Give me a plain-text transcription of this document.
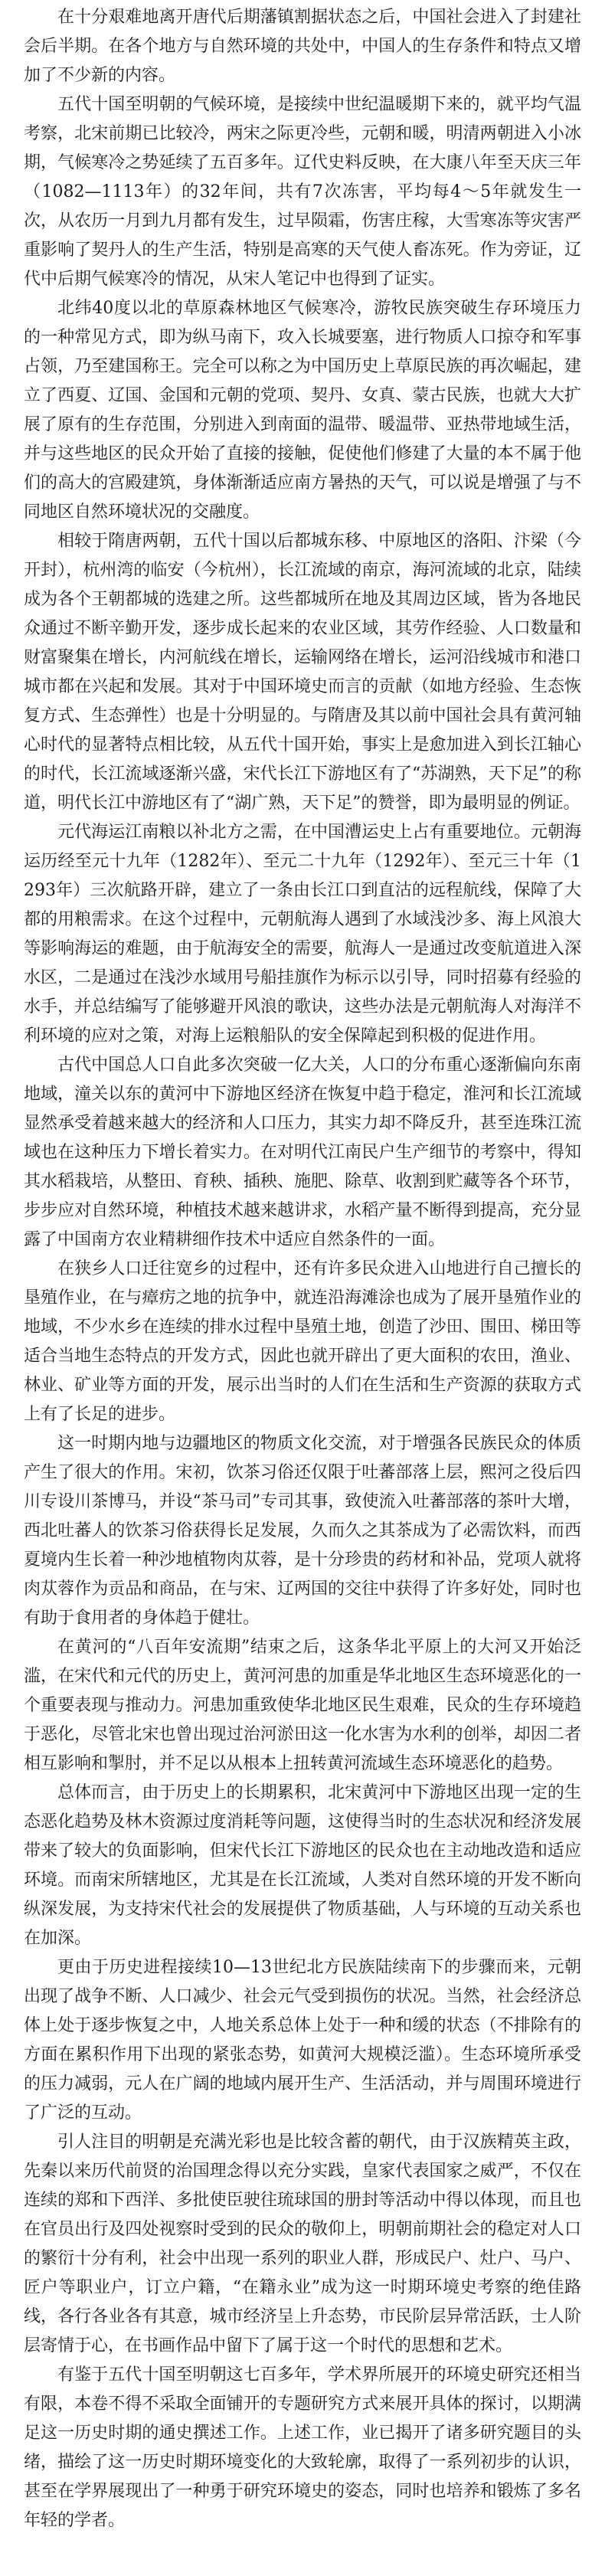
在十分艰难地离开唐代后期藩镇割据状态之后，中国社会进入了封建社会后半期。在各个地方与自然环境的共处中，中国人的生存条件和特点又增加了不少新的内容。

五代十国至明朝的气候环境，是接续中世纪温暖期下来的，就平均气温考察，北宋前期已比较冷，两宋之际更冷些，元朝和暖，明清两朝进入小冰期，气候寒冷之势延续了五百多年。辽代史料反映，在大康八年至天庆三年（1082—1113年）的32年间，共有7次冻害，平均每4～5年就发生一次，从农历一月到九月都有发生，过早陨霜，伤害庄稼，大雪寒冻等灾害严重影响了契丹人的生产生活，特别是高寒的天气使人畜冻死。作为旁证，辽代中后期气候寒冷的情况，从宋人笔记中也得到了证实。

北纬40度以北的草原森林地区气候寒冷，游牧民族突破生存环境压力的一种常见方式，即为纵马南下，攻入长城要塞，进行物质人口掠夺和军事占领，乃至建国称王。完全可以称之为中国历史上草原民族的再次崛起，建立了西夏、辽国、金国和元朝的党项、契丹、女真、蒙古民族，也就大大扩展了原有的生存范围，分别进入到南面的温带、暖温带、亚热带地域生活，并与这些地区的民众开始了直接的接触，促使他们修建了大量的本不属于他们的高大的宫殿建筑，身体渐渐适应南方暑热的天气，可以说是增强了与不同地区自然环境状况的交融度。

相较于隋唐两朝，五代十国以后都城东移、中原地区的洛阳、汴梁（今开封），杭州湾的临安（今杭州），长江流域的南京，海河流域的北京，陆续成为各个王朝都城的选建之所。这些都城所在地及其周边区域，皆为各地民众通过不断辛勤开发，逐步成长起来的农业区域，其劳作经验、人口数量和财富聚集在增长，内河航线在增长，运输网络在增长，运河沿线城市和港口城市都在兴起和发展。其对于中国环境史而言的贡献（如地方经验、生态恢复方式、生态弹性）也是十分明显的。与隋唐及其以前中国社会具有黄河轴心时代的显著特点相比较，从五代十国开始，事实上是愈加进入到长江轴心的时代，长江流域逐渐兴盛，宋代长江下游地区有了“苏湖熟，天下足”的称道，明代长江中游地区有了“湖广熟，天下足”的赞誉，即为最明显的例证。

元代海运江南粮以补北方之需，在中国漕运史上占有重要地位。元朝海运历经至元十九年（1282年）、至元二十九年（1292年）、至元三十年（1293年）三次航路开辟，建立了一条由长江口到直沽的远程航线，保障了大都的用粮需求。在这个过程中，元朝航海人遇到了水域浅沙多、海上风浪大等影响海运的难题，由于航海安全的需要，航海人一是通过改变航道进入深水区，二是通过在浅沙水域用号船挂旗作为标示以引导，同时招募有经验的水手，并总结编写了能够避开风浪的歌诀，这些办法是元朝航海人对海洋不利环境的应对之策，对海上运粮船队的安全保障起到积极的促进作用。

古代中国总人口自此多次突破一亿大关，人口的分布重心逐渐偏向东南地域，潼关以东的黄河中下游地区经济在恢复中趋于稳定，淮河和长江流域显然承受着越来越大的经济和人口压力，其实力却不降反升，甚至连珠江流域也在这种压力下增长着实力。在对明代江南民户生产细节的考察中，得知其水稻栽培，从整田、育秧、插秧、施肥、除草、收割到贮藏等各个环节，步步应对自然环境，种植技术越来越讲求，水稻产量不断得到提高，充分显露了中国南方农业精耕细作技术中适应自然条件的一面。

在狭乡人口迁往宽乡的过程中，还有许多民众进入山地进行自己擅长的垦殖作业，在与瘴疠之地的抗争中，就连沿海滩涂也成为了展开垦殖作业的地域，不少水乡在连续的排水过程中垦殖土地，创造了沙田、围田、梯田等适合当地生态特点的开发方式，因此也就开辟出了更大面积的农田，渔业、林业、矿业等方面的开发，展示出当时的人们在生活和生产资源的获取方式上有了长足的进步。

这一时期内地与边疆地区的物质文化交流，对于增强各民族民众的体质产生了很大的作用。宋初，饮茶习俗还仅限于吐蕃部落上层，熙河之役后四川专设川茶博马，并设“茶马司”专司其事，致使流入吐蕃部落的茶叶大增，西北吐蕃人的饮茶习俗获得长足发展，久而久之其茶成为了必需饮料，而西夏境内生长着一种沙地植物肉苁蓉，是十分珍贵的药材和补品，党项人就将肉苁蓉作为贡品和商品，在与宋、辽两国的交往中获得了许多好处，同时也有助于食用者的身体趋于健壮。

在黄河的“八百年安流期”结束之后，这条华北平原上的大河又开始泛滥，在宋代和元代的历史上，黄河河患的加重是华北地区生态环境恶化的一个重要表现与推动力。河患加重致使华北地区民生艰难，民众的生存环境趋于恶化，尽管北宋也曾出现过治河淤田这一化水害为水利的创举，却因二者相互影响和掣肘，并不足以从根本上扭转黄河流域生态环境恶化的趋势。

总体而言，由于历史上的长期累积，北宋黄河中下游地区出现一定的生态恶化趋势及林木资源过度消耗等问题，这使得当时的生态状况和经济发展带来了较大的负面影响，但宋代长江下游地区的民众也在主动地改造和适应环境。而南宋所辖地区，尤其是在长江流域，人类对自然环境的开发不断向纵深发展，为支持宋代社会的发展提供了物质基础，人与环境的互动关系也在加深。

更由于历史进程接续10—13世纪北方民族陆续南下的步骤而来，元朝出现了战争不断、人口减少、社会元气受到损伤的状况。当然，社会经济总体上处于逐步恢复之中，人地关系总体上处于一种和缓的状态（不排除有的方面在累积作用下出现的紧张态势，如黄河大规模泛滥）。生态环境所承受的压力减弱，元人在广阔的地域内展开生产、生活活动，并与周围环境进行了广泛的互动。

引人注目的明朝是充满光彩也是比较含蓄的朝代，由于汉族精英主政，先秦以来历代前贤的治国理念得以充分实践，皇家代表国家之威严，不仅在连续的郑和下西洋、多批使臣驶往琉球国的册封等活动中得以体现，而且也在官员出行及四处视察时受到的民众的敬仰上，明朝前期社会的稳定对人口的繁衍十分有利，社会中出现一系列的职业人群，形成民户、灶户、马户、匠户等职业户，订立户籍，“在籍永业”成为这一时期环境史考察的绝佳路线，各行各业各有其意，城市经济呈上升态势，市民阶层异常活跃，士人阶层寄情于心，在书画作品中留下了属于这一个时代的思想和艺术。

有鉴于五代十国至明朝这七百多年，学术界所展开的环境史研究还相当有限，本卷不得不采取全面铺开的专题研究方式来展开具体的探讨，以期满足这一历史时期的通史撰述工作。上述工作，业已揭开了诸多研究题目的头绪，描绘了这一历史时期环境变化的大致轮廓，取得了一系列初步的认识，甚至在学界展现出了一种勇于研究环境史的姿态，同时也培养和锻炼了多名年轻的学者。
